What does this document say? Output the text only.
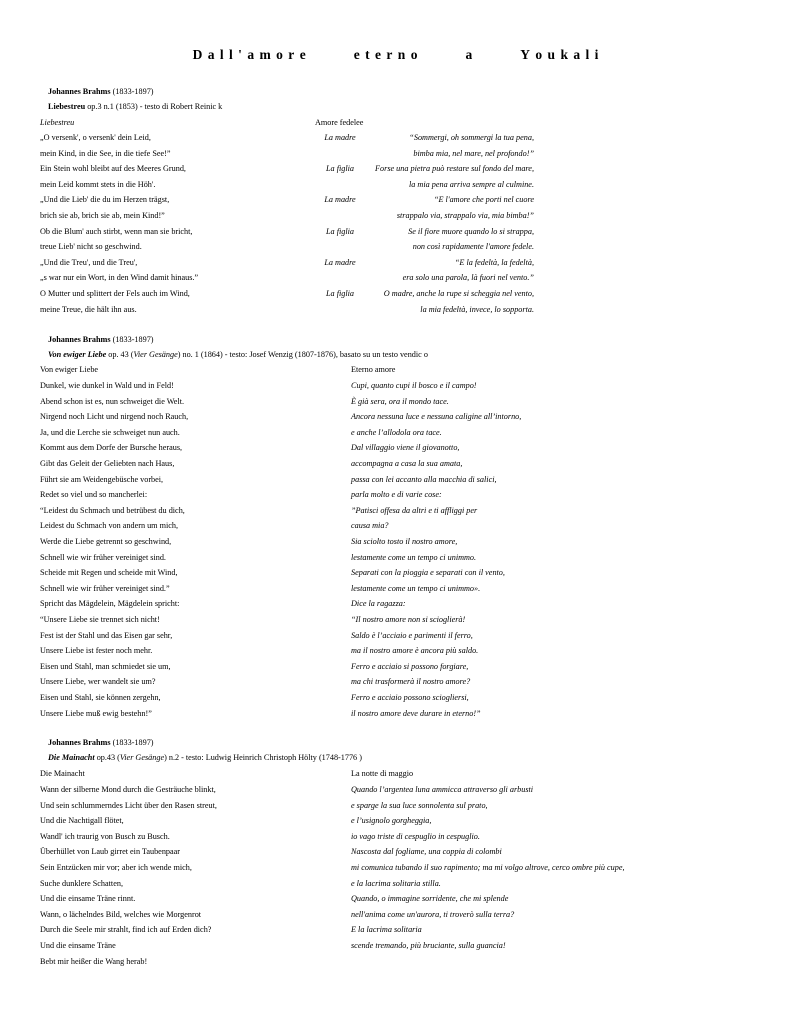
D  a  l  l  '  a  m  o  r  e	e  t  e  r  n  o	a	Y  o  u  k  a  l  i
Johannes Brahms (1833-1897)
Liebestreu op.3 n.1 (1853) - testo di Robert Reinic k
Liebestreu	Amore fedelee
„O versenk', o versenk' dein Leid,	La madre	“Sommergi, oh sommergi la tua pena,
mein Kind, in die See, in die tiefe See!”	bimba mia, nel mare, nel profondo!”
Ein Stein wohl bleibt auf des Meeres Grund,	La figlia	Forse una pietra può restare sul fondo del mare,
mein Leid kommt stets in die Höh'.	la mia pena arriva sempre al culmine.
„Und die Lieb' die du im Herzen trägst,	La madre	“E l'amore che porti nel cuore
brich sie ab, brich sie ab, mein Kind!”	strappalo via, strappalo via, mia bimba!”
Ob die Blum' auch stirbt, wenn man sie bricht,	La figlia	Se il fiore muore quando lo si strappa,
treue Lieb' nicht so geschwind.	non così rapidamente l'amore fedele.
„Und die Treu', und die Treu',	La madre	“E la fedeltà, la fedeltà,
„s war nur ein Wort, in den Wind damit hinaus.”	era solo una parola, là fuori nel vento.”
O Mutter und splittert der Fels auch im Wind,	La figlia	O madre, anche la rupe si scheggia nel vento,
meine Treue, die hält ihn aus.	la mia fedeltà, invece, lo sopporta.
Johannes Brahms (1833-1897)
Von ewiger Liebe op. 43 (Vier Gesänge) no. 1 (1864) - testo: Josef Wenzig (1807-1876), basato su un testo vendic o
Von ewiger Liebe	Eterno amore
Dunkel, wie dunkel in Wald und in Feld!	Cupi, quanto cupi il bosco e il campo!
Abend schon ist es, nun schweiget die Welt.	È già sera, ora il mondo tace.
Nirgend noch Licht und nirgend noch Rauch,	Ancora nessuna luce e nessuna caligine all’intorno,
Ja, und die Lerche sie schweiget nun auch.	e anche l’allodola ora tace.
Kommt aus dem Dorfe der Bursche heraus,	Dal villaggio viene il giovanotto,
Gibt das Geleit der Geliebten nach Haus,	accompagna a casa la sua amata,
Führt sie am Weidengebüsche vorbei,	passa con lei accanto alla macchia di salici,
Redet so viel und so mancherlei:	parla molto e di varie cose:
“Leidest du Schmach und betrübest du dich,	”Patisci offesa da altri e ti affliggi per
Leidest du Schmach von andern um mich,	causa mia?
Werde die Liebe getrennt so geschwind,	Sia sciolto tosto il nostro amore,
Schnell wie wir früher vereiniget sind.	lestamente come un tempo ci unimmo.
Scheide mit Regen und scheide mit Wind,	Separati con la pioggia e separati con il vento,
Schnell wie wir früher vereiniget sind.”	lestamente come un tempo ci unimmo».
Spricht das Mägdelein, Mägdelein spricht:	Dice la ragazza:
“Unsere Liebe sie trennet sich nicht!	“Il nostro amore non si scioglierà!
Fest ist der Stahl und das Eisen gar sehr,	Saldo è l’acciaio e parimenti il ferro,
Unsere Liebe ist fester noch mehr.	ma il nostro amore è ancora più saldo.
Eisen und Stahl, man schmiedet sie um,	Ferro e acciaio si possono forgiare,
Unsere Liebe, wer wandelt sie um?	ma chi trasformerà il nostro amore?
Eisen und Stahl, sie können zergehn,	Ferro e acciaio possono sciogliersi,
Unsere Liebe muß ewig bestehn!”	il nostro amore deve durare in eterno!”
Johannes Brahms (1833-1897)
Die Mainacht op.43 (Vier Gesänge) n.2 - testo: Ludwig Heinrich Christoph Hölty (1748-1776 )
Die Mainacht	La notte di maggio
Wann der silberne Mond durch die Gesträuche blinkt,	Quando l’argentea luna ammicca attraverso gli arbusti
Und sein schlummerndes Licht über den Rasen streut,	e sparge la sua luce sonnolenta sul prato,
Und die Nachtigall flötet,	e l’usignolo gorgheggia,
Wandl' ich traurig von Busch zu Busch.	io vago triste di cespuglio in cespuglio.
Überhüllet von Laub girret ein Taubenpaar	Nascosta dal fogliame, una coppia di colombi
Sein Entzücken mir vor; aber ich wende mich,	mi comunica tubando il suo rapimento; ma mi volgo altrove, cerco ombre più cupe,
Suche dunklere Schatten,	e la lacrima solitaria stilla.
Und die einsame Träne rinnt.	Quando, o immagine sorridente, che mi splende
Wann, o lächelndes Bild, welches wie Morgenrot	nell'anima come un'aurora, ti troverò sulla terra?
Durch die Seele mir strahlt, find ich auf Erden dich?	E la lacrima solitaria
Und die einsame Träne	scende tremando, più bruciante, sulla guancia!
Bebt mir heißer die Wang herab!
